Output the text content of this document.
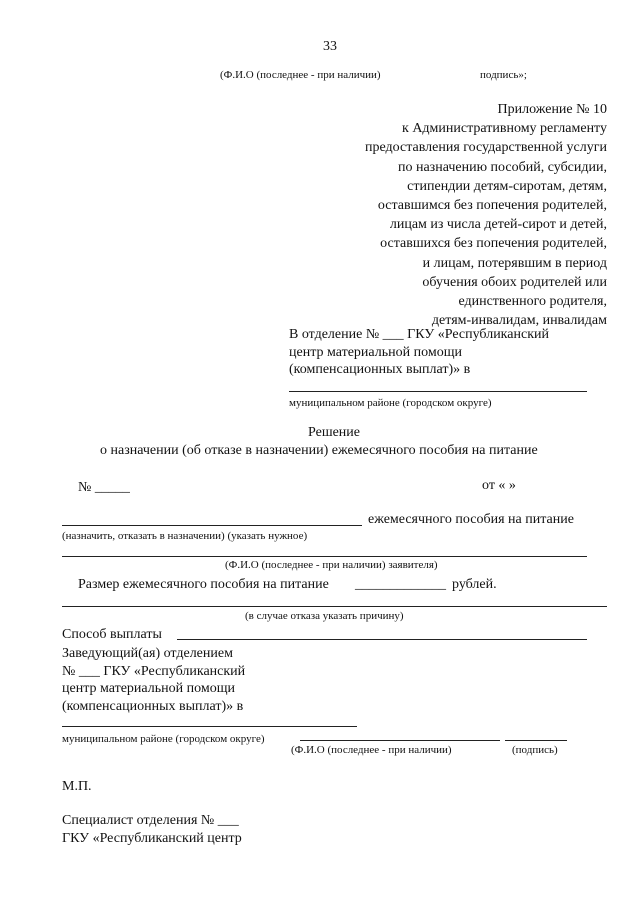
33
(Ф.И.О (последнее - при наличии)	подпись»;
Приложение № 10
к Административному регламенту
предоставления государственной услуги
по назначению пособий, субсидии,
стипендии детям-сиротам, детям,
оставшимся без попечения родителей,
лицам из числа детей-сирот и детей,
оставшихся без попечения родителей,
и лицам, потерявшим в период
обучения обоих родителей или
единственного родителя,
детям-инвалидам, инвалидам
В отделение № ___ ГКУ «Республиканский
центр материальной помощи
(компенсационных выплат)» в
муниципальном районе (городском округе)
Решение
о назначении (об отказе в назначении) ежемесячного пособия на питание
№ _____	от « »
ежемесячного пособия на питание
(назначить, отказать в назначении) (указать нужное)
(Ф.И.О (последнее - при наличии) заявителя)
Размер ежемесячного пособия на питание _____________ рублей.
(в случае отказа указать причину)
Способ выплаты
Заведующий(ая) отделением
№ ___ ГКУ «Республиканский
центр материальной помощи
(компенсационных выплат)» в
муниципальном районе (городском округе)
(Ф.И.О (последнее - при наличии)	(подпись)
М.П.
Специалист отделения № ___
ГКУ «Республиканский центр
